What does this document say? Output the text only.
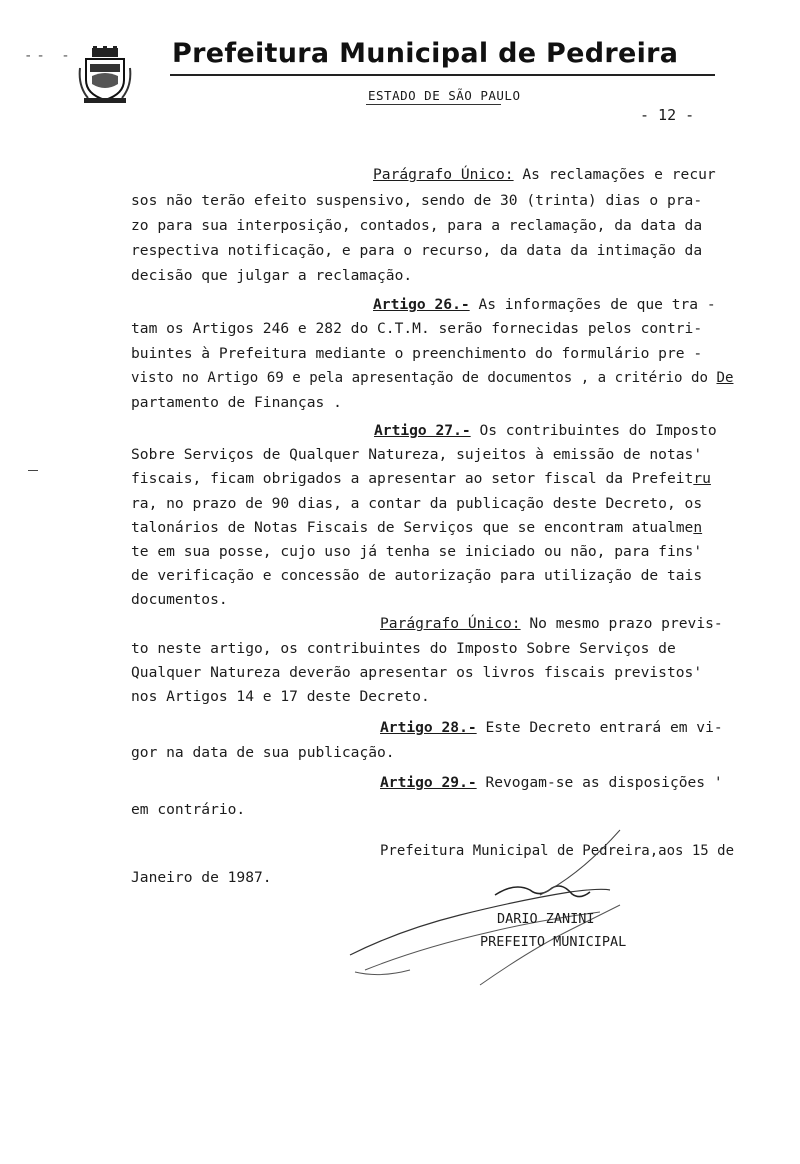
-- -	Prefeitura Municipal de Pedreira
ESTADO DE SÃO PAULO
- 12 -
Parágrafo Único: As reclamações e recur
sos não terão efeito suspensivo, sendo de 30 (trinta) dias o pra-
zo para sua interposição, contados, para a reclamação, da data da
respectiva notificação, e para o recurso, da data da intimação da
decisão que julgar a reclamação.
Artigo 26.- As informações de que tra -
tam os Artigos 246 e 282 do C.T.M. serão fornecidas pelos contri-
buintes à Prefeitura mediante o preenchimento do formulário pre -
visto no Artigo 69 e pela apresentação de documentos , a critério do De
partamento de Finanças .
Artigo 27.- Os contribuintes do Imposto
Sobre Serviços de Qualquer Natureza, sujeitos à emissão de notas'
fiscais, ficam obrigados a apresentar ao setor fiscal da Prefeitru
ra, no prazo de 90 dias, a contar da publicação deste Decreto, os
talonários de Notas Fiscais de Serviços que se encontram atualmen
te em sua posse, cujo uso já tenha se iniciado ou não, para fins'
de verificação e concessão de autorização para utilização de tais
documentos.
Parágrafo Único: No mesmo prazo previs-
to neste artigo, os contribuintes do Imposto Sobre Serviços de
Qualquer Natureza deverão apresentar os livros fiscais previstos'
nos Artigos 14 e 17 deste Decreto.
Artigo 28.- Este Decreto entrará em vi-
gor na data de sua publicação.
Artigo 29.- Revogam-se as disposições '
em contrário.
Prefeitura Municipal de Pedreira,aos 15 de
Janeiro de 1987.
DARIO ZANINI
PREFEITO MUNICIPAL
